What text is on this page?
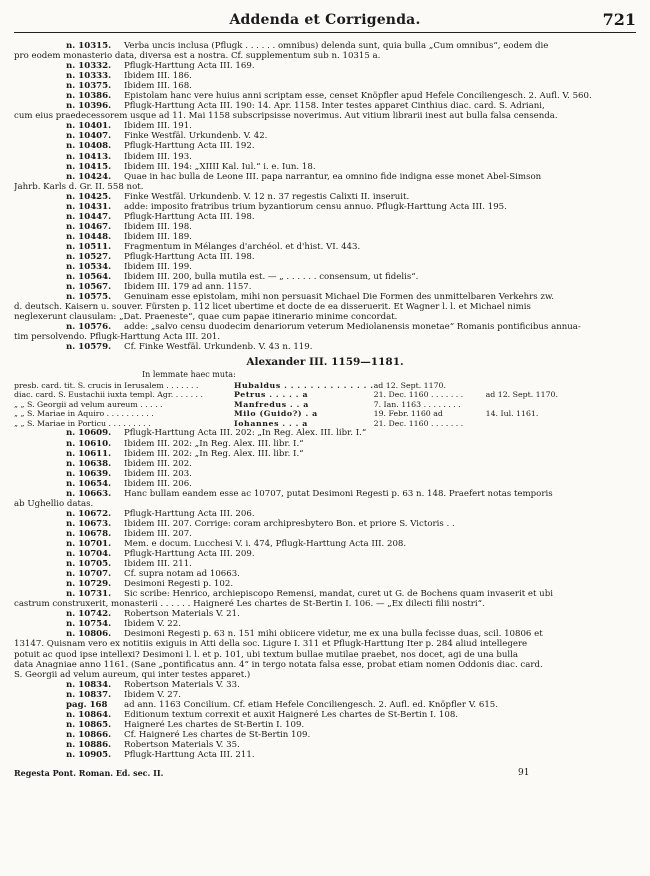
Addenda et Corrigenda.	721
n. 10315. Verba uncis inclusa (Pflugk . . . . . . omnibus) delenda sunt, quia bulla „Cum omnibus“, eodem die
pro eodem monasterio data, diversa est a nostra. Cf. supplementum sub n. 10315 a.
n. 10332. Pflugk-Harttung Acta III. 169.
n. 10333. Ibidem III. 186.
n. 10375. Ibidem III. 168.
n. 10386. Epistolam hanc vere huius anni scriptam esse, censet Knöpfler apud Hefele Conciliengesch. 2. Aufl. V. 560.
n. 10396. Pflugk-Harttung Acta III. 190: 14. Apr. 1158. Inter testes apparet Cinthius diac. card. S. Adriani,
cum eius praedecessorem usque ad 11. Mai 1158 subscripsisse noverimus. Aut vitium librarii inest aut bulla falsa censenda.
n. 10401. Ibidem III. 191.
n. 10407. Finke Westfäl. Urkundenb. V. 42.
n. 10408. Pflugk-Harttung Acta III. 192.
n. 10413. Ibidem III. 193.
n. 10415. Ibidem III. 194: „XIIII Kal. Iul.“ i. e. Iun. 18.
n. 10424. Quae in hac bulla de Leone III. papa narrantur, ea omnino fide indigna esse monet Abel-Simson
Jahrb. Karls d. Gr. II. 558 not.
n. 10425. Finke Westfäl. Urkundenb. V. 12 n. 37 regestis Calixti II. inseruit.
n. 10431. adde: imposito fratribus trium byzantiorum censu annuo. Pflugk-Harttung Acta III. 195.
n. 10447. Pflugk-Harttung Acta III. 198.
n. 10467. Ibidem III. 198.
n. 10448. Ibidem III. 189.
n. 10511. Fragmentum in Mélanges d'archéol. et d'hist. VI. 443.
n. 10527. Pflugk-Harttung Acta III. 198.
n. 10534. Ibidem III. 199.
n. 10564. Ibidem III. 200, bulla mutila est. — „ . . . . . . consensum, ut fidelis“.
n. 10567. Ibidem III. 179 ad ann. 1157.
n. 10575. Genuinam esse epistolam, mihi non persuasit Michael Die Formen des unmittelbaren Verkehrs zw.
d. deutsch. Kaisern u. souver. Fürsten p. 112 licet ubertime et docte de ea disseruerit. Et Wagner l. l. et Michael nimis
neglexerunt clausulam: „Dat. Praeneste“, quae cum papae itinerario minime concordat.
n. 10576. adde: „salvo censu duodecim denariorum veterum Mediolanensis monetae“ Romanis pontificibus annua-
tim persolvendo. Pflugk-Harttung Acta III. 201.
n. 10579. Cf. Finke Westfäl. Urkundenb. V. 43 n. 119.
Alexander III. 1159—1181.
In lemmate haec muta:
presb. card. tit. S. crucis in Ierusalem . . . . . . .	Hubaldus . . . . . . . . . . . . . .	ad 12. Sept. 1170.	
diac. card. S. Eustachii iuxta templ. Agr. . . . . . .	Petrus . . . . . a	21. Dec. 1160 . . . . . . .	ad 12. Sept. 1170.
„ „ S. Georgii ad velum aureum . . . . .	Manfredus . . a	7. Ian. 1163 . . . . . . . .	
„ „ S. Mariae in Aquiro . . . . . . . . . .	Milo (Guido?) . a	19. Febr. 1160 ad	14. Iul. 1161.
„ „ S. Mariae in Porticu . . . . . . . . .	Iohannes . . . a	21. Dec. 1160 . . . . . . .	
n. 10609. Pflugk-Harttung Acta III. 202: „In Reg. Alex. III. libr. I.“
n. 10610. Ibidem III. 202: „In Reg. Alex. III. libr. I.“
n. 10611. Ibidem III. 202: „In Reg. Alex. III. libr. I.“
n. 10638. Ibidem III. 202.
n. 10639. Ibidem III. 203.
n. 10654. Ibidem III. 206.
n. 10663. Hanc bullam eandem esse ac 10707, putat Desimoni Regesti p. 63 n. 148. Praefert notas temporis
ab Ughellio datas.
n. 10672. Pflugk-Harttung Acta III. 206.
n. 10673. Ibidem III. 207. Corrige: coram archipresbytero Bon. et priore S. Victoris . .
n. 10678. Ibidem III. 207.
n. 10701. Mem. e docum. Lucchesi V. i. 474, Pflugk-Harttung Acta III. 208.
n. 10704. Pflugk-Harttung Acta III. 209.
n. 10705. Ibidem III. 211.
n. 10707. Cf. supra notam ad 10663.
n. 10729. Desimoni Regesti p. 102.
n. 10731. Sic scribe: Henrico, archiepiscopo Remensi, mandat, curet ut G. de Bochens quam invaserit et ubi
castrum construxerit, monasterii . . . . . . Haigneré Les chartes de St-Bertin I. 106. — „Ex dilecti filii nostri“.
n. 10742. Robertson Materials V. 21.
n. 10754. Ibidem V. 22.
n. 10806. Desimoni Regesti p. 63 n. 151 mihi obiicere videtur, me ex una bulla fecisse duas, scil. 10806 et
13147. Quisnam vero ex notitiis exiguis in Atti della soc. Ligure I. 311 et Pflugk-Harttung Iter p. 284 aliud intellegere
potuit ac quod ipse intellexi? Desimoni l. l. et p. 101, ubi textum bullae mutilae praebet, nos docet, agi de una bulla
data Anagniae anno 1161. (Sane „pontificatus ann. 4“ in tergo notata falsa esse, probat etiam nomen Oddonis diac. card.
S. Georgii ad velum aureum, qui inter testes apparet.)
n. 10834. Robertson Materials V. 33.
n. 10837. Ibidem V. 27.
pag. 168 ad ann. 1163 Concilium. Cf. etiam Hefele Conciliengesch. 2. Aufl. ed. Knöpfler V. 615.
n. 10864. Editionum textum correxit et auxit Haigneré Les chartes de St-Bertin I. 108.
n. 10865. Haigneré Les chartes de St-Bertin I. 109.
n. 10866. Cf. Haigneré Les chartes de St-Bertin 109.
n. 10886. Robertson Materials V. 35.
n. 10905. Pflugk-Harttung Acta III. 211.
Regesta Pont. Roman. Ed. sec. II.	91
